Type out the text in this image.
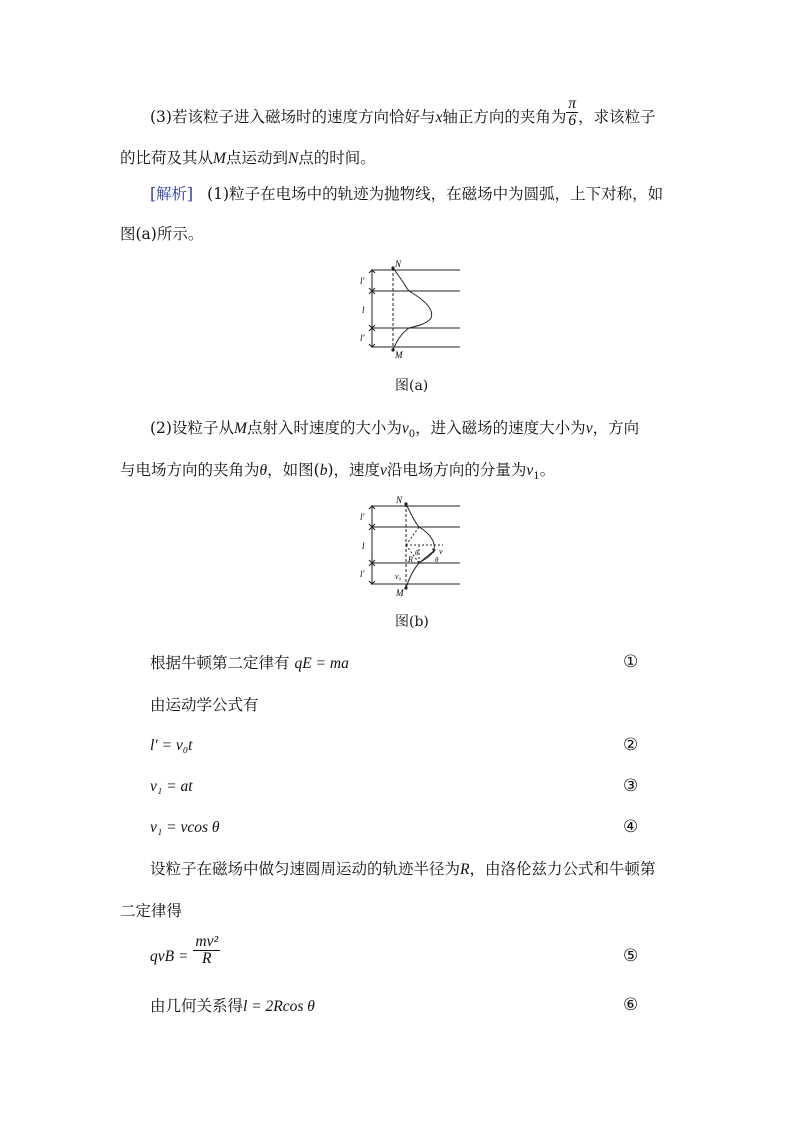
(3)若该粒子进入磁场时的速度方向恰好与x轴正方向的夹角为 $\frac{\pi}{6}$ ，求该粒子
的比荷及其从M点运动到N点的时间。
[解析] (1)粒子在电场中的轨迹为抛物线，在磁场中为圆弧，上下对称，如
图(a)所示。
N
M
l′
l
l′
图(a)
(2)设粒子从M点射入时速度的大小为$v_0$，进入磁场的速度大小为v，方向
与电场方向的夹角为θ，如图(b)，速度v沿电场方向的分量为$v_1$。
N
M
l′
l
l′
R
θ
θ
v
v₀
图(b)
根据牛顿第二定律有 qE = ma	①
由运动学公式有
l′ = v₀t	②
v₁ = at	③
v₁ = vcos θ	④
设粒子在磁场中做匀速圆周运动的轨迹半径为R，由洛伦兹力公式和牛顿第
二定律得
qvB = $\frac{\text{mv²}}{R}$	⑤
由几何关系得l = 2Rcos θ	⑥
